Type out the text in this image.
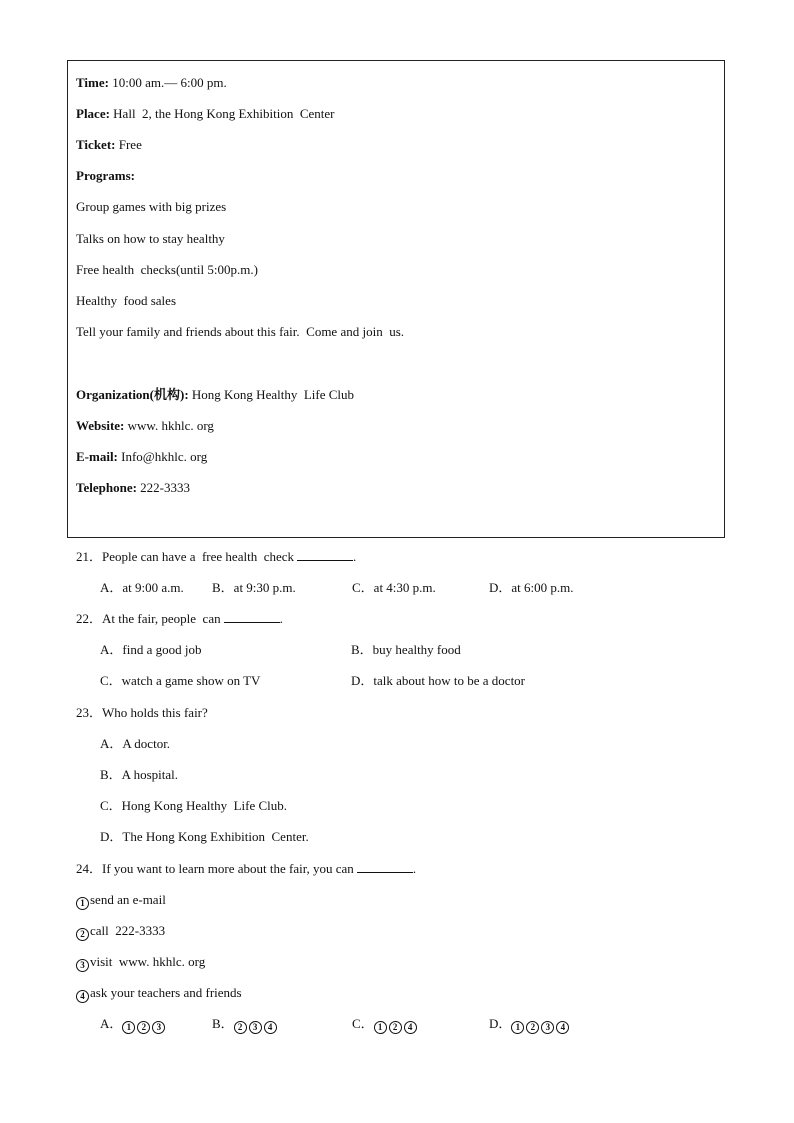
Time: 10:00 am.— 6:00 pm.
Place: Hall  2, the Hong Kong Exhibition  Center
Ticket: Free
Programs:
Group games with big prizes
Talks on how to stay healthy
Free health  checks(until 5:00p.m.)
Healthy  food sales
Tell your family and friends about this fair.  Come and join  us.
Organization(机构): Hong Kong Healthy  Life Club
Website: www. hkhlc. org
E-mail: Info@hkhlc. org
Telephone: 222-3333
21．People can have a  free health  check	.
A．at 9:00 a.m. B．at 9:30 p.m.	C．at 4:30 p.m.	D．at 6:00 p.m.
22．At the fair, people  can	.
A．find a good job	B．buy healthy food
C．watch a game show on TV	D．talk about how to be a doctor
23．Who holds this fair?
A．A doctor.
B．A hospital.
C．Hong Kong Healthy  Life Club.
D．The Hong Kong Exhibition  Center.
24．If you want to learn more about the fair, you can	.
1 send an e-mail
2 call  222-3333
3 visit  www. hkhlc. org
4 ask your teachers and friends
A． 1 2 3	B． 2 3 4	C． 1 2 4	D． 1 2 3 4
